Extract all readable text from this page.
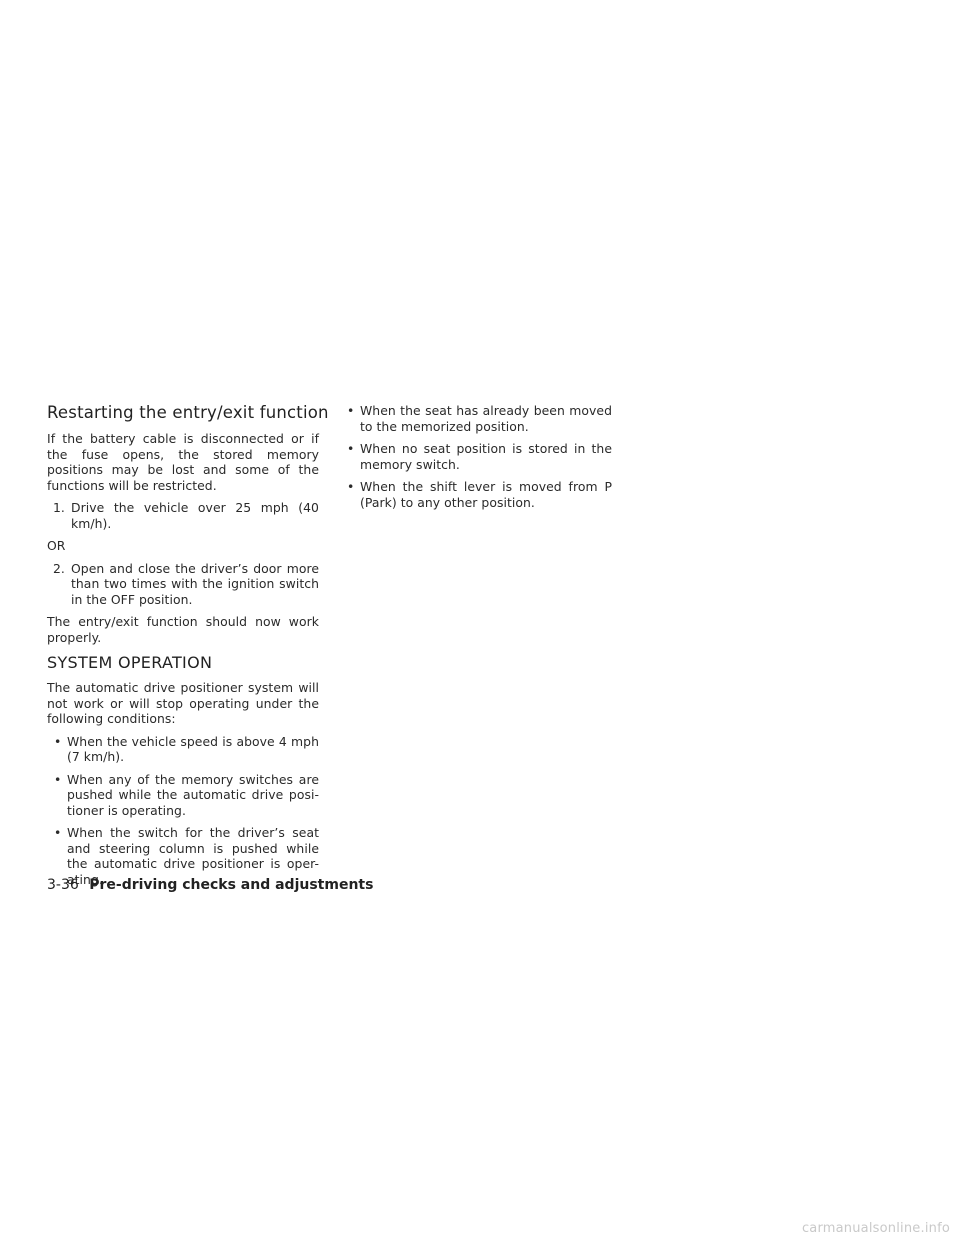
Restarting the entry/exit function

If the battery cable is disconnected or if the fuse opens, the stored memory positions may be lost and some of the functions will be restricted.

1. Drive the vehicle over 25 mph (40 km/h).

OR

2. Open and close the driver’s door more than two times with the ignition switch in the OFF position.

The entry/exit function should now work properly.

SYSTEM OPERATION

The automatic drive positioner system will not work or will stop operating under the following conditions:

• When the vehicle speed is above 4 mph (7 km/h).
• When any of the memory switches are pushed while the automatic drive posi-tioner is operating.
• When the switch for the driver’s seat and steering column is pushed while the automatic drive positioner is oper-ating.
• When the seat has already been moved to the memorized position.
• When no seat position is stored in the memory switch.
• When the shift lever is moved from P (Park) to any other position.
3-36 Pre-driving checks and adjustments
carmanualsonline.info
